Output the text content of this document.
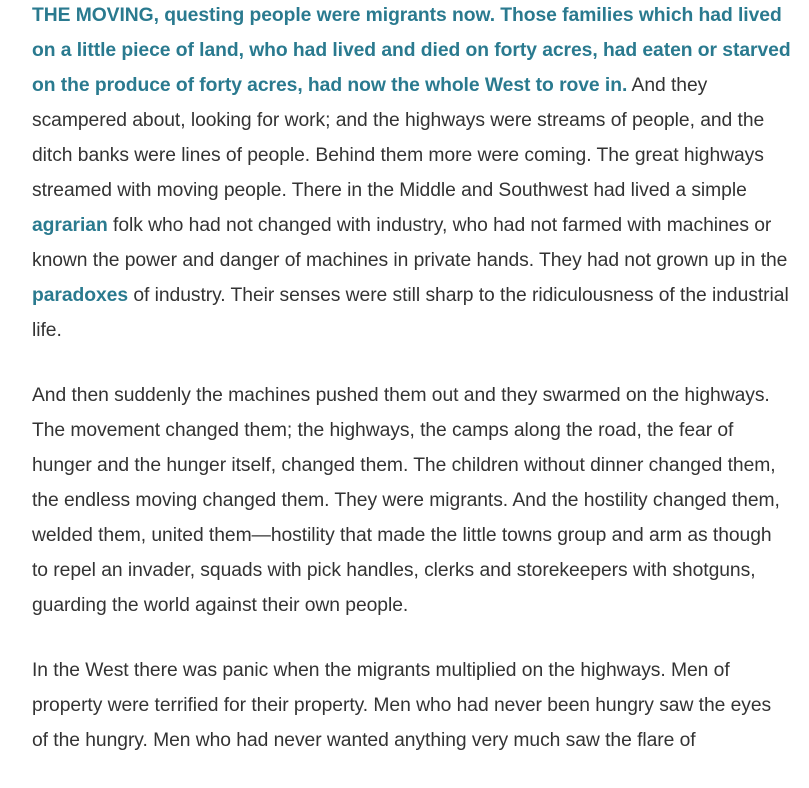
THE MOVING, questing people were migrants now. Those families which had lived on a little piece of land, who had lived and died on forty acres, had eaten or starved on the produce of forty acres, had now the whole West to rove in. And they scampered about, looking for work; and the highways were streams of people, and the ditch banks were lines of people. Behind them more were coming. The great highways streamed with moving people. There in the Middle and Southwest had lived a simple agrarian folk who had not changed with industry, who had not farmed with machines or known the power and danger of machines in private hands. They had not grown up in the paradoxes of industry. Their senses were still sharp to the ridiculousness of the industrial life.

And then suddenly the machines pushed them out and they swarmed on the highways. The movement changed them; the highways, the camps along the road, the fear of hunger and the hunger itself, changed them. The children without dinner changed them, the endless moving changed them. They were migrants. And the hostility changed them, welded them, united them—hostility that made the little towns group and arm as though to repel an invader, squads with pick handles, clerks and storekeepers with shotguns, guarding the world against their own people.

In the West there was panic when the migrants multiplied on the highways. Men of property were terrified for their property. Men who had never been hungry saw the eyes of the hungry. Men who had never wanted anything very much saw the flare of
